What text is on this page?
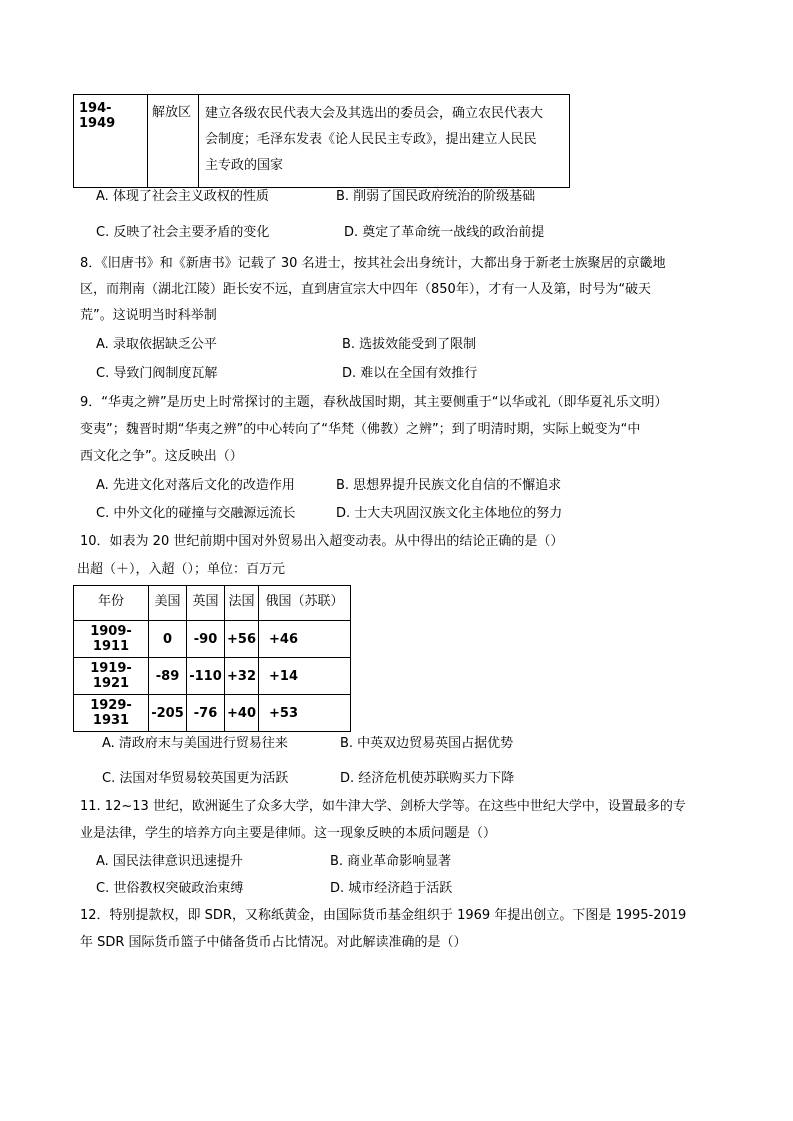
194-1949	解放区	建立各级农民代表大会及其选出的委员会，确立农民代表大
会制度；毛泽东发表《论人民民主专政》，提出建立人民民
主专政的国家
A. 体现了社会主义政权的性质	B. 削弱了国民政府统治的阶级基础
C. 反映了社会主要矛盾的变化	D. 奠定了革命统一战线的政治前提
8．《旧唐书》和《新唐书》记载了 30 名进士，按其社会出身统计，大都出身于新老士族聚居的京畿地
区，而荆南（湖北江陵）距长安不远，直到唐宣宗大中四年（850年），才有一人及第，时号为“破天
荒”。这说明当时科举制
A. 录取依据缺乏公平	B. 选拔效能受到了限制
C. 导致门阀制度瓦解	D. 难以在全国有效推行
9．“华夷之辨”是历史上时常探讨的主题，春秋战国时期，其主要侧重于“以华或礼（即华夏礼乐文明）
变夷”；魏晋时期“华夷之辨”的中心转向了“华梵（佛教）之辨”；到了明清时期，实际上蜕变为“中
西文化之争”。这反映出（）
A. 先进文化对落后文化的改造作用	B. 思想界提升民族文化自信的不懈追求
C. 中外文化的碰撞与交融源远流长	D. 士大夫巩固汉族文化主体地位的努力
10．如表为 20 世纪前期中国对外贸易出入超变动表。从中得出的结论正确的是（）
出超（＋），入超（）；单位：百万元
年份	美国	英国	法国	俄国（苏联）
1909-1911	0	-90	+56	+46
1919-1921	-89	-110	+32	+14
1929-1931	-205	-76	+40	+53
A. 清政府末与美国进行贸易往来	B. 中英双边贸易英国占据优势
C. 法国对华贸易较英国更为活跃	D. 经济危机使苏联购买力下降
11. 12~13 世纪，欧洲诞生了众多大学，如牛津大学、剑桥大学等。在这些中世纪大学中，设置最多的专
业是法律，学生的培养方向主要是律师。这一现象反映的本质问题是（）
A. 国民法律意识迅速提升	B. 商业革命影响显著
C. 世俗教权突破政治束缚	D. 城市经济趋于活跃
12．特别提款权，即 SDR，又称纸黄金，由国际货币基金组织于 1969 年提出创立。下图是 1995-2019
年 SDR 国际货币篮子中储备货币占比情况。对此解读准确的是（）
